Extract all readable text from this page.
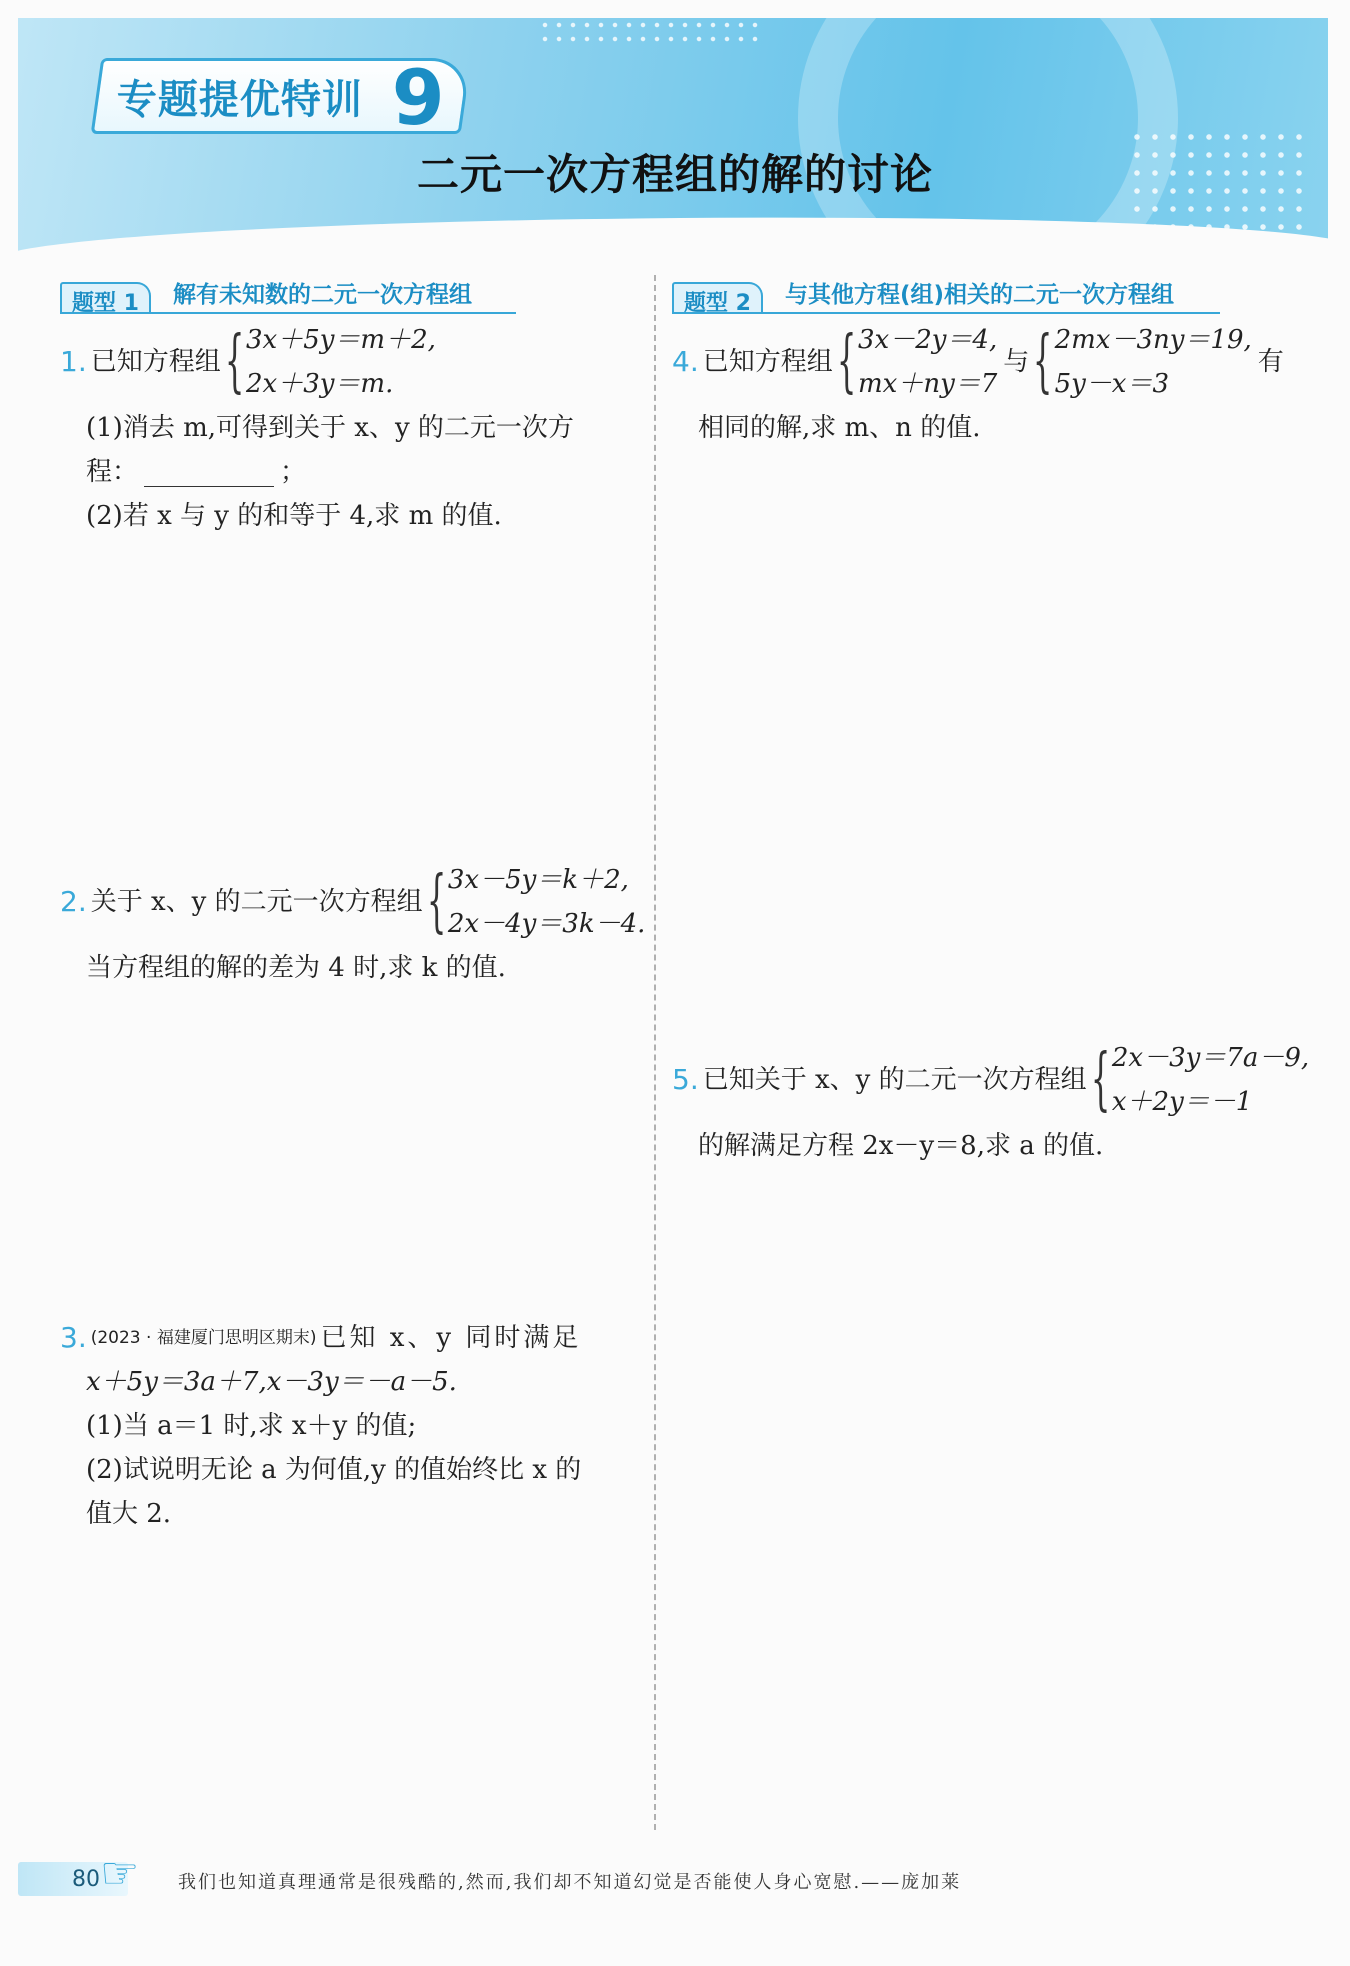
专题提优特训 9
二元一次方程组的解的讨论
题型 1	解有未知数的二元一次方程组	题型 2	与其他方程(组)相关的二元一次方程组
1. 已知方程组 { 3x＋5y＝m＋2,
2x＋3y＝m.
(1)消去 m,可得到关于 x、y 的二元一次方
程：	；
(2)若 x 与 y 的和等于 4,求 m 的值.
2. 关于 x、y 的二元一次方程组 { 3x－5y＝k＋2,
2x－4y＝3k－4.
当方程组的解的差为 4 时,求 k 的值.
3. (2023 · 福建厦门思明区期末) 已知 x、y 同时满足
x＋5y＝3a＋7,x－3y＝－a－5.
(1)当 a＝1 时,求 x＋y 的值;
(2)试说明无论 a 为何值,y 的值始终比 x 的
值大 2.
4. 已知方程组 { 3x－2y＝4,
mx＋ny＝7
与 { 2mx－3ny＝19,
5y－x＝3
有
相同的解,求 m、n 的值.
5. 已知关于 x、y 的二元一次方程组 { 2x－3y＝7a－9,
x＋2y＝－1
的解满足方程 2x－y＝8,求 a 的值.
80 ☞ 我们也知道真理通常是很残酷的,然而,我们却不知道幻觉是否能使人身心宽慰.——庞加莱
